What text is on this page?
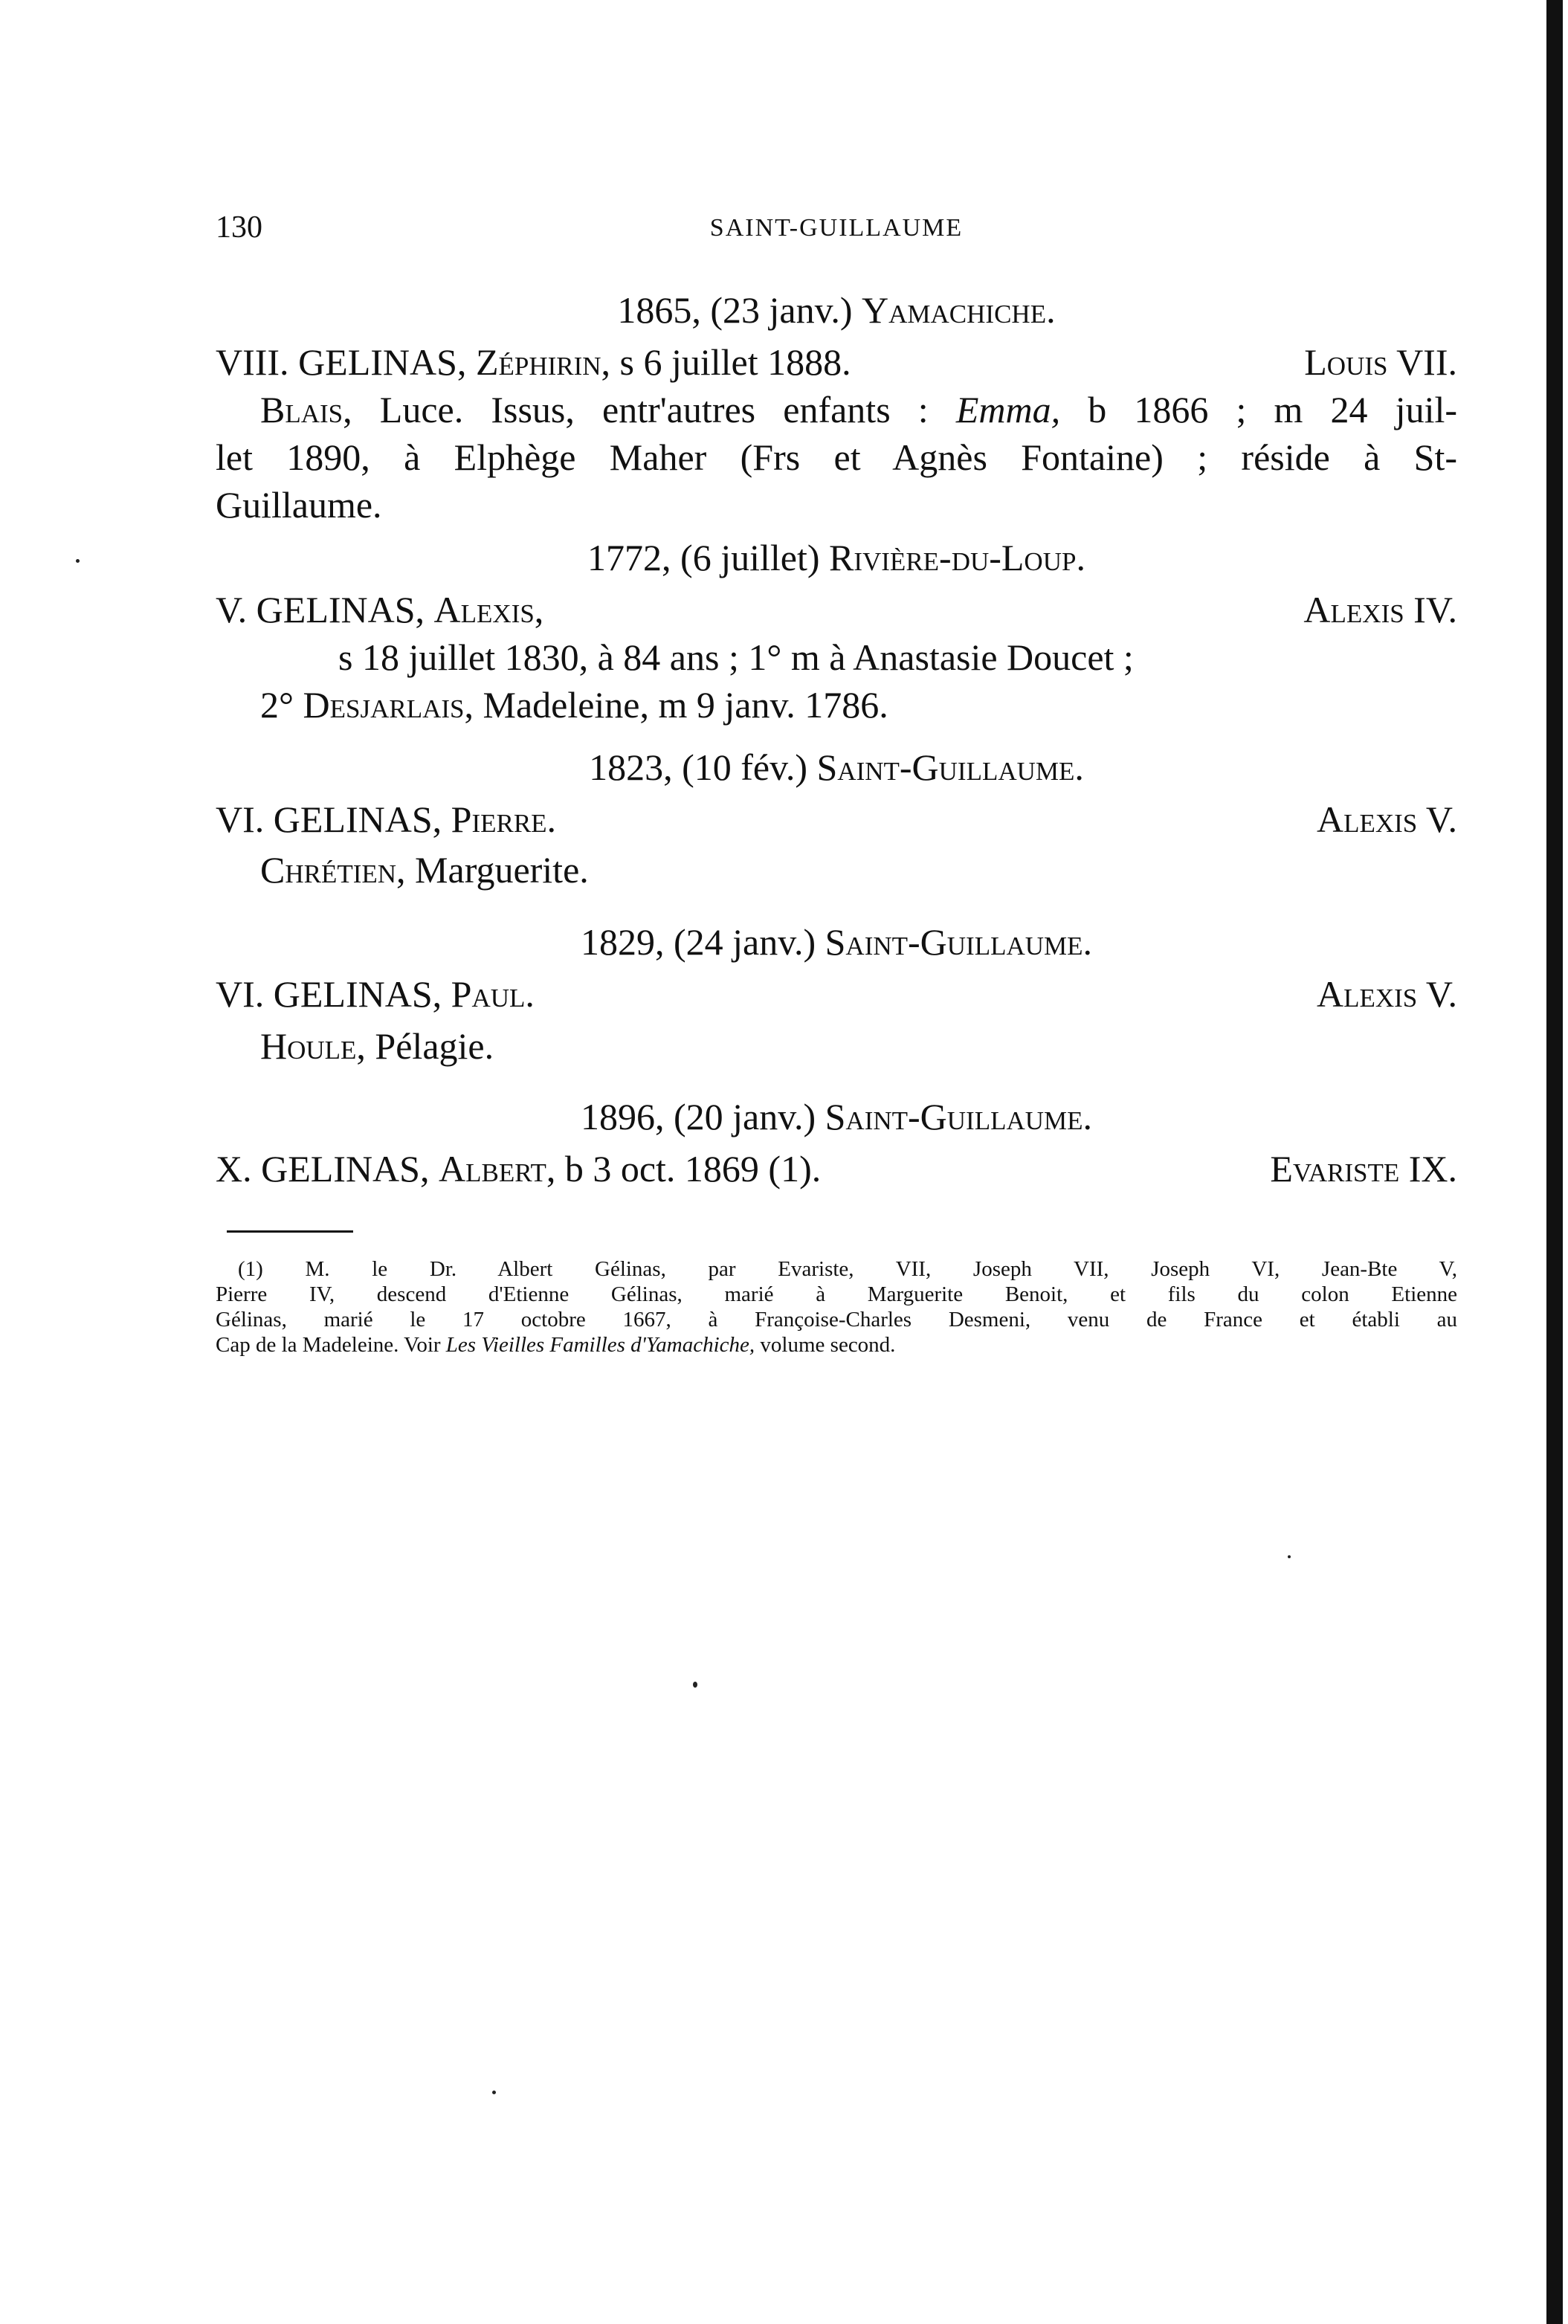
130	SAINT-GUILLAUME
1865, (23 janv.) Yamachiche.
VIII. GELINAS, Zéphirin, s 6 juillet 1888.	Louis VII.
Blais, Luce. Issus, entr'autres enfants : Emma, b 1866 ; m 24 juil-
let 1890, à Elphège Maher (Frs et Agnès Fontaine) ; réside à St-
Guillaume.
1772, (6 juillet) Rivière-du-Loup.
V. GELINAS, Alexis,	Alexis IV.
s 18 juillet 1830, à 84 ans ; 1° m à Anastasie Doucet ;
2° Desjarlais, Madeleine, m 9 janv. 1786.
1823, (10 fév.) Saint-Guillaume.
VI. GELINAS, Pierre.	Alexis V.
Chrétien, Marguerite.
1829, (24 janv.) Saint-Guillaume.
VI. GELINAS, Paul.	Alexis V.
Houle, Pélagie.
1896, (20 janv.) Saint-Guillaume.
X. GELINAS, Albert, b 3 oct. 1869 (1).	Evariste IX.
(1) M. le Dr. Albert Gélinas, par Evariste, VII, Joseph VII, Joseph VI, Jean-Bte V,
Pierre IV, descend d'Etienne Gélinas, marié à Marguerite Benoit, et fils du colon Etienne
Gélinas, marié le 17 octobre 1667, à Françoise-Charles Desmeni, venu de France et établi au
Cap de la Madeleine. Voir Les Vieilles Familles d'Yamachiche, volume second.
